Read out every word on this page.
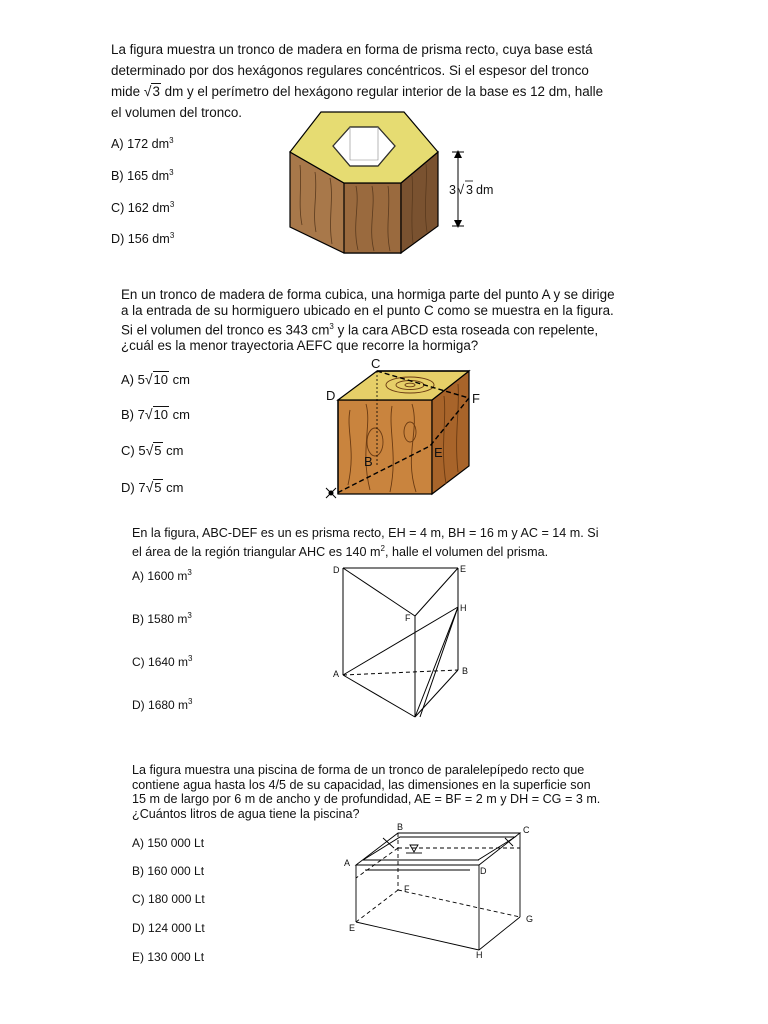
La figura muestra un tronco de madera en forma de prisma recto, cuya base está
determinado por dos hexágonos regulares concéntricos. Si el espesor del tronco
mide √3 dm y el perímetro del hexágono regular interior de la base es 12 dm, halle
el volumen del tronco.
A) 172 $dm^3$
B) 165 $dm^3$
C) 162 $dm^3$
D) 156 $dm^3$
3 √ 3 dm
En un tronco de madera de forma cubica, una hormiga parte del punto A y se dirige
a la entrada de su hormiguero ubicado en el punto C como se muestra en la figura.
Si el volumen del tronco es 343 $cm^3$ y la cara ABCD esta roseada con repelente,
¿cuál es la menor trayectoria AEFC que recorre la hormiga?
A) 5√10 cm
B) 7√10 cm
C) 5√5 cm
D) 7√5 cm
C
D	F
E
B
En la figura, ABC-DEF es un es prisma recto, EH = 4 m, BH = 16 m y AC = 14 m. Si
el área de la región triangular AHC es 140 $m^2$, halle el volumen del prisma.
A) 1600 $m^3$
B) 1580 $m^3$
C) 1640 $m^3$
D) 1680 $m^3$
D	E
H
F
A	B
La figura muestra una piscina de forma de un tronco de paralelepípedo recto que
contiene agua hasta los 4/5 de su capacidad, las dimensiones en la superficie son
15 m de largo por 6 m de ancho y de profundidad, AE = BF = 2 m y DH = CG = 3 m.
¿Cuántos litros de agua tiene la piscina?
A) 150 000 Lt
B) 160 000 Lt
C) 180 000 Lt
D) 124 000 Lt
E) 130 000 Lt
B	C
A
D
F
G
E
H
